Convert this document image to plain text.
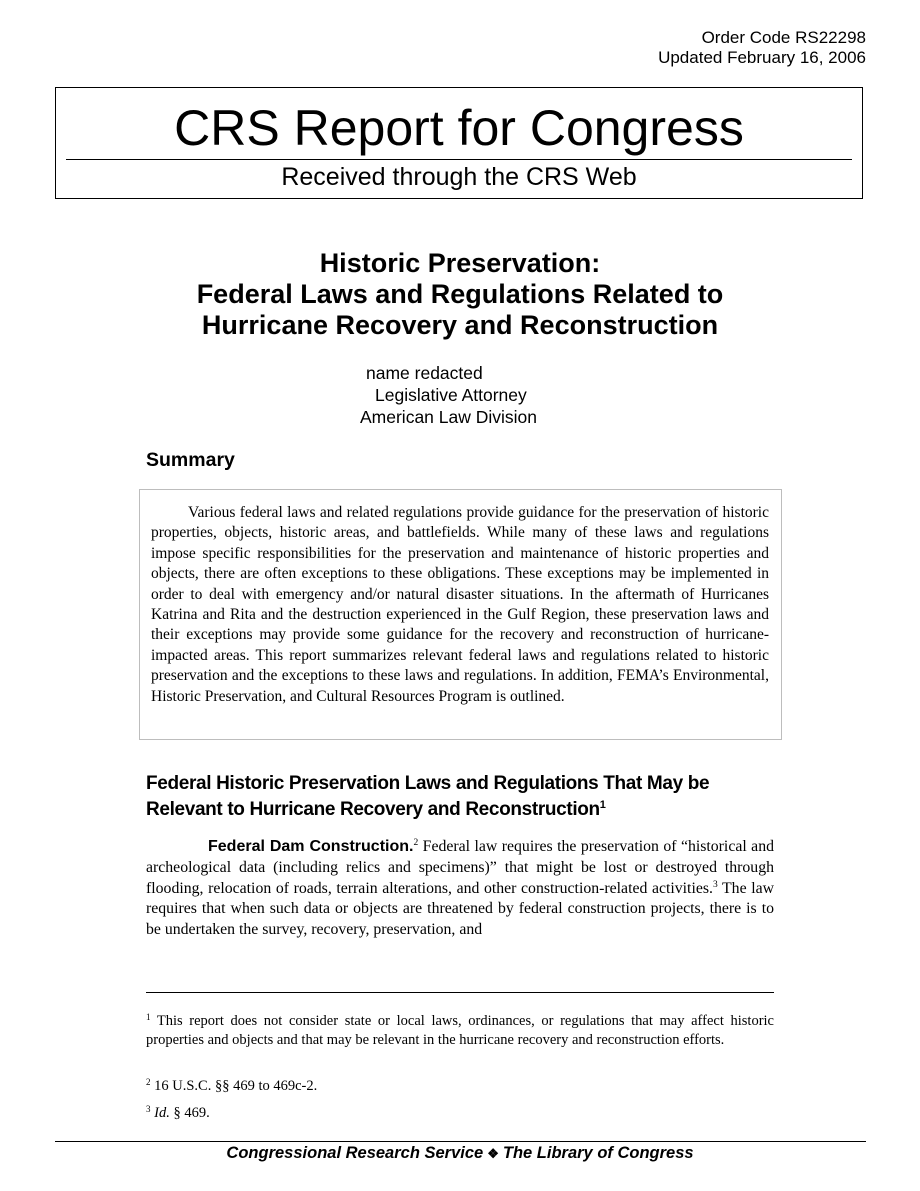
Order Code RS22298
Updated February 16, 2006
CRS Report for Congress
Received through the CRS Web
Historic Preservation:
Federal Laws and Regulations Related to
Hurricane Recovery and Reconstruction
name redacted
Legislative Attorney
American Law Division
Summary

Various federal laws and related regulations provide guidance for the preservation of historic properties, objects, historic areas, and battlefields. While many of these laws and regulations impose specific responsibilities for the preservation and maintenance of historic properties and objects, there are often exceptions to these obligations. These exceptions may be implemented in order to deal with emergency and/or natural disaster situations. In the aftermath of Hurricanes Katrina and Rita and the destruction experienced in the Gulf Region, these preservation laws and their exceptions may provide some guidance for the recovery and reconstruction of hurricane-impacted areas. This report summarizes relevant federal laws and regulations related to historic preservation and the exceptions to these laws and regulations. In addition, FEMA’s Environmental, Historic Preservation, and Cultural Resources Program is outlined.

Federal Historic Preservation Laws and Regulations That May be
Relevant to Hurricane Recovery and Reconstruction$^1$

Federal Dam Construction.$^2$ Federal law requires the preservation of “historical and archeological data (including relics and specimens)” that might be lost or destroyed through flooding, relocation of roads, terrain alterations, and other construction-related activities.$^3$ The law requires that when such data or objects are threatened by federal construction projects, there is to be undertaken the survey, recovery, preservation, and

$^1$ This report does not consider state or local laws, ordinances, or regulations that may affect historic properties and objects and that may be relevant in the hurricane recovery and reconstruction efforts.

$^2$ 16 U.S.C. §§ 469 to 469c-2.

$^3$ Id. § 469.

Congressional Research Service ❖ The Library of Congress
